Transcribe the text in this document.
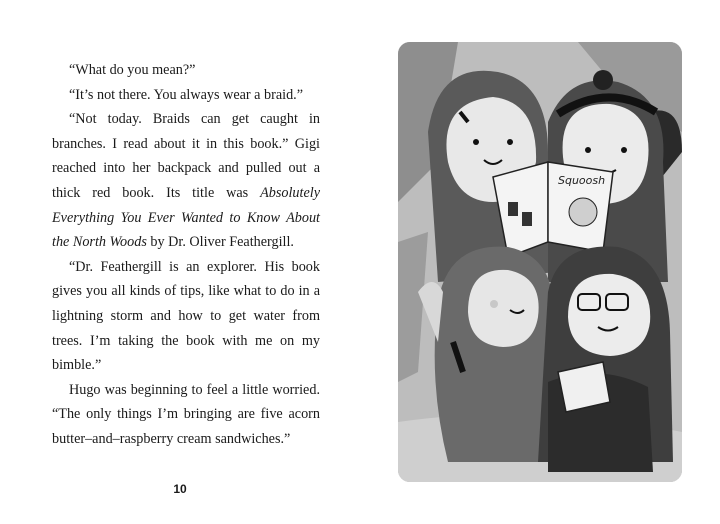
“What do you mean?”

“It’s not there. You always wear a braid.”

“Not today. Braids can get caught in branches. I read about it in this book.” Gigi reached into her backpack and pulled out a thick red book. Its title was Absolutely Everything You Ever Wanted to Know About the North Woods by Dr. Oliver Feathergill.

“Dr. Feathergill is an explorer. His book gives you all kinds of tips, like what to do in a lightning storm and how to get water from trees. I’m taking the book with me on my bimble.”

Hugo was beginning to feel a little worried. “The only things I’m bringing are five acorn butter–and–raspberry cream sandwiches.”

10
Squoosh
